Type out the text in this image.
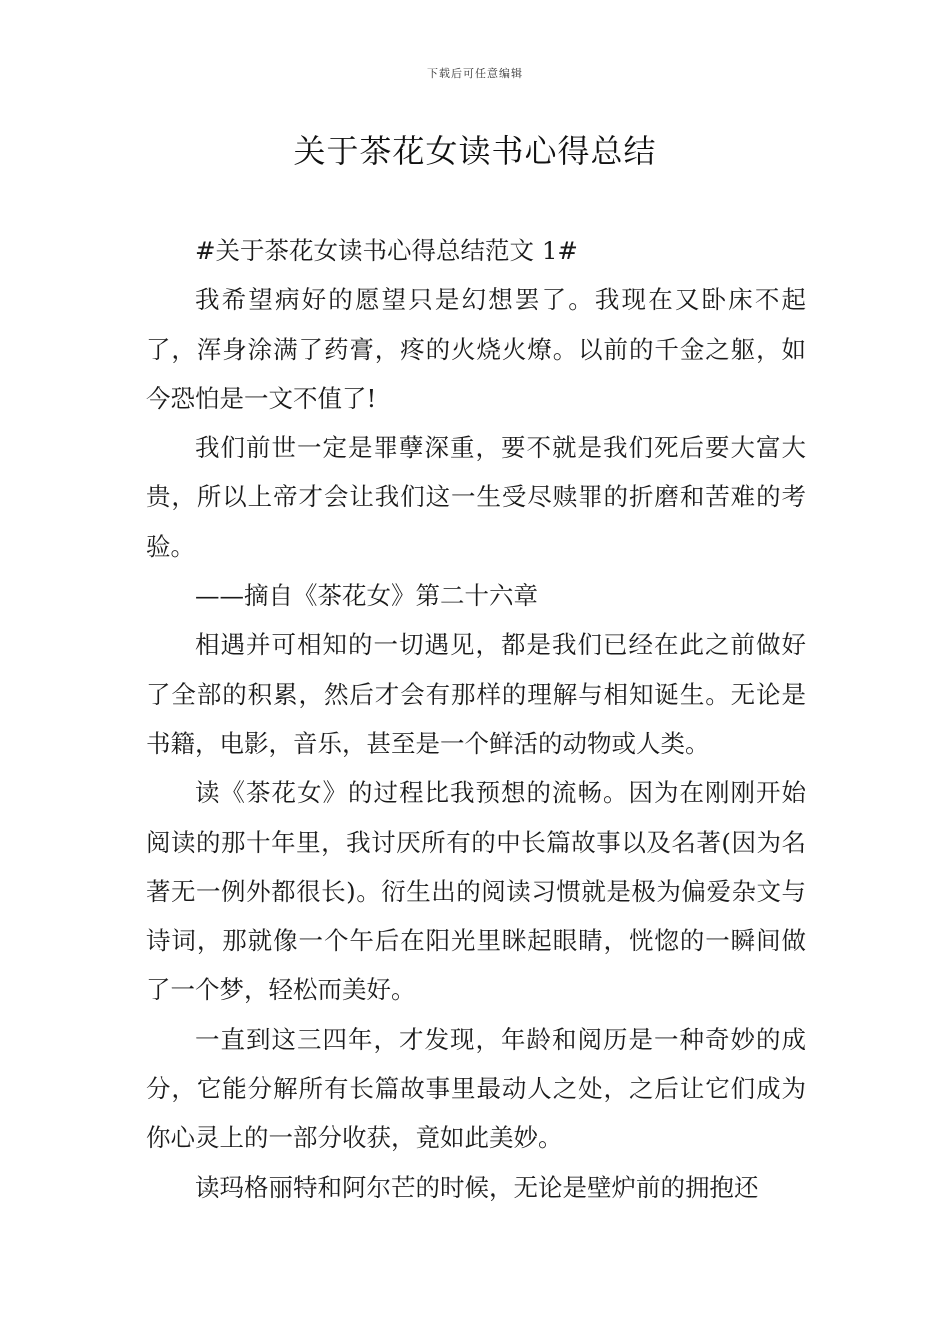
下载后可任意编辑
关于茶花女读书心得总结

#关于茶花女读书心得总结范文 1#

我希望病好的愿望只是幻想罢了。我现在又卧床不起了，浑身涂满了药膏，疼的火烧火燎。以前的千金之躯，如今恐怕是一文不值了!

我们前世一定是罪孽深重，要不就是我们死后要大富大贵，所以上帝才会让我们这一生受尽赎罪的折磨和苦难的考验。

——摘自《茶花女》第二十六章

相遇并可相知的一切遇见，都是我们已经在此之前做好了全部的积累，然后才会有那样的理解与相知诞生。无论是书籍，电影，音乐，甚至是一个鲜活的动物或人类。

读《茶花女》的过程比我预想的流畅。因为在刚刚开始阅读的那十年里，我讨厌所有的中长篇故事以及名著(因为名著无一例外都很长)。衍生出的阅读习惯就是极为偏爱杂文与诗词，那就像一个午后在阳光里眯起眼睛，恍惚的一瞬间做了一个梦，轻松而美好。

一直到这三四年，才发现，年龄和阅历是一种奇妙的成分，它能分解所有长篇故事里最动人之处，之后让它们成为你心灵上的一部分收获，竟如此美妙。

读玛格丽特和阿尔芒的时候，无论是壁炉前的拥抱还
